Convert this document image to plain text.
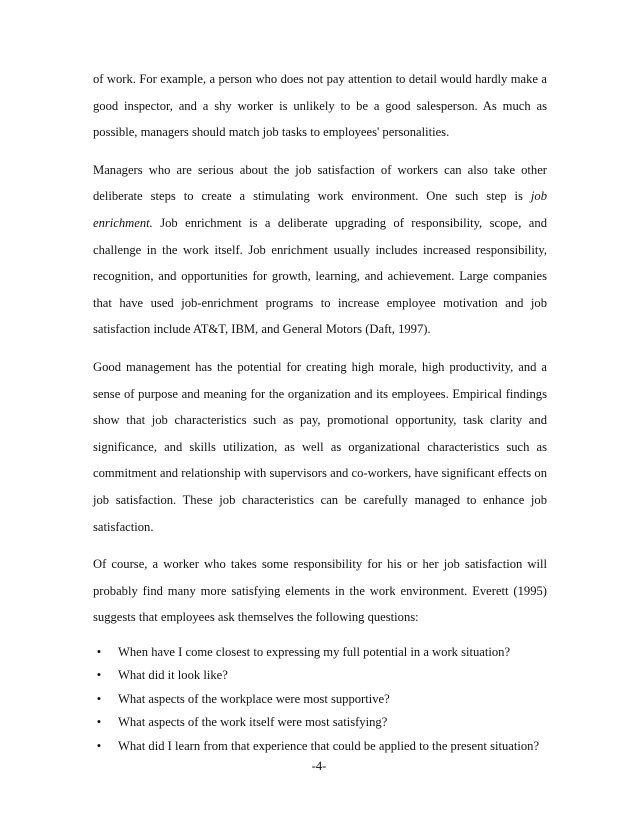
of work. For example, a person who does not pay attention to detail would hardly make a good inspector, and a shy worker is unlikely to be a good salesperson. As much as possible, managers should match job tasks to employees' personalities.

Managers who are serious about the job satisfaction of workers can also take other deliberate steps to create a stimulating work environment. One such step is job enrichment. Job enrichment is a deliberate upgrading of responsibility, scope, and challenge in the work itself. Job enrichment usually includes increased responsibility, recognition, and opportunities for growth, learning, and achievement. Large companies that have used job-enrichment programs to increase employee motivation and job satisfaction include AT&T, IBM, and General Motors (Daft, 1997).

Good management has the potential for creating high morale, high productivity, and a sense of purpose and meaning for the organization and its employees. Empirical findings show that job characteristics such as pay, promotional opportunity, task clarity and significance, and skills utilization, as well as organizational characteristics such as commitment and relationship with supervisors and co-workers, have significant effects on job satisfaction. These job characteristics can be carefully managed to enhance job satisfaction.

Of course, a worker who takes some responsibility for his or her job satisfaction will probably find many more satisfying elements in the work environment. Everett (1995) suggests that employees ask themselves the following questions:

•	When have I come closest to expressing my full potential in a work situation?
•	What did it look like?
•	What aspects of the workplace were most supportive?
•	What aspects of the work itself were most satisfying?
•	What did I learn from that experience that could be applied to the present situation?
-4-
